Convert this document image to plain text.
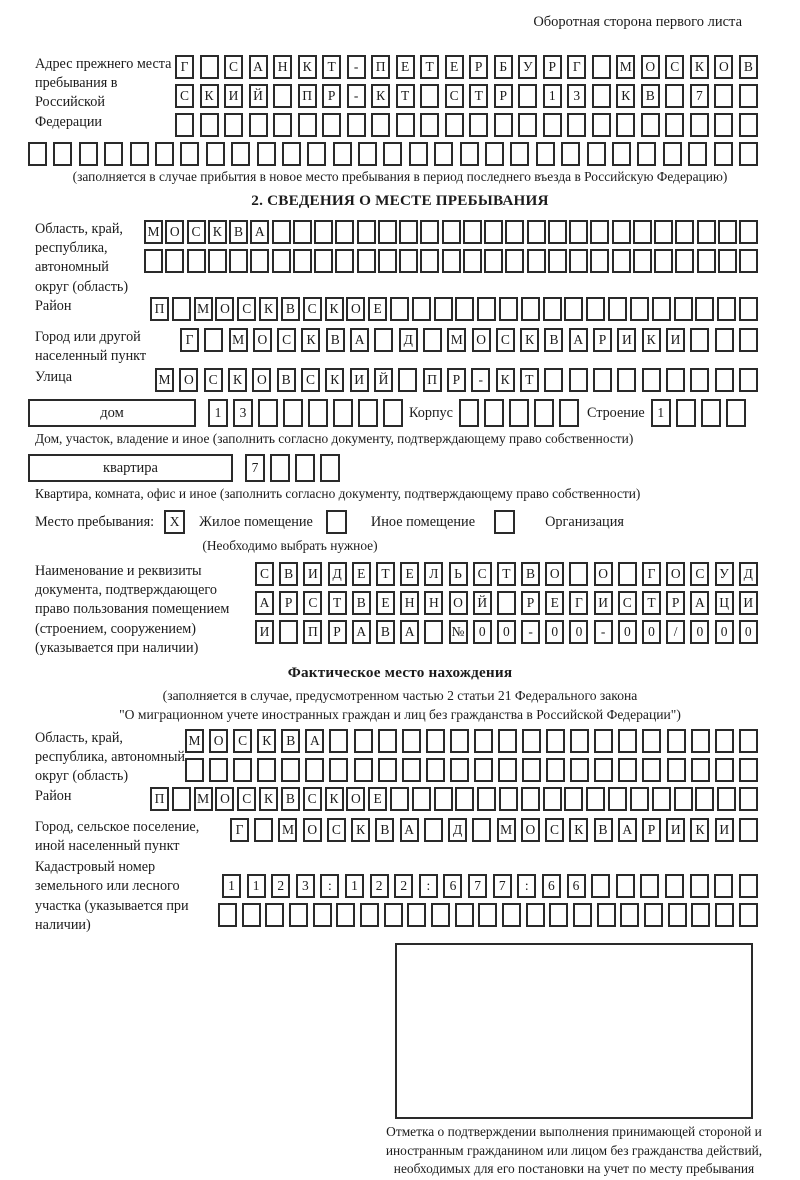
Оборотная сторона первого листа
Адрес прежнего места пребывания в Российской Федерации
Г	С	А	Н	К	Т	-	П	Е	Т	Е	Р	Б	У	Р	Г	М	О	С	К	О	В
С	К	И	Й	П	Р	-	К	Т	С	Т	Р	1	3	К	В	7
(заполняется в случае прибытия в новое место пребывания в период последнего въезда в Российскую Федерацию)
2. СВЕДЕНИЯ О МЕСТЕ ПРЕБЫВАНИЯ
Область, край, республика, автономный округ (область)
М О С К В А
Район	П	М О С К В С К О Е
Город или другой населенный пункт
Г	М О	С	К	В	А	Д	М О	С	К	В	А	Р	И	К	И
Улица	М О	С	К	О	В	С	К	И	Й	П	Р	-	К	Т
дом	1	3	Корпус	Строение 1
Дом, участок, владение и иное (заполнить согласно документу, подтверждающему право собственности)
квартира	7
Квартира, комната, офис и иное (заполнить согласно документу, подтверждающему право собственности)
Место пребывания:	X	Жилое помещение	Иное помещение	Организация
(Необходимо выбрать нужное)
Наименование и реквизиты документа, подтверждающего право пользования помещением (строением, сооружением) (указывается при наличии)
С	В	И	Д	Е	Т	Е	Л	Ь	С	Т	В	О	О	Г	О	С	У	Д
А	Р	С	Т	В	Е	Н	Н	О	Й	Р	Е	Г	И	С	Т	Р	А	Ц	И
И	П	Р	А	В	А	№	0	0	-	0	0	-	0	0	/	0	0	0
Фактическое место нахождения
(заполняется в случае, предусмотренном частью 2 статьи 21 Федерального закона
"О миграционном учете иностранных граждан и лиц без гражданства в Российской Федерации")
Область, край, республика, автономный округ (область)
М О	С	К	В	А
Район	П	М О С К В С К О Е
Город, сельское поселение, иной населенный пункт
Г	М О	С	К	В	А	Д	М О	С	К	В	А	Р	И	К	И
Кадастровый номер земельного или лесного участка (указывается при наличии)
1	1	2	3	:	1	2	2	:	6	7	7	:	6	6
Отметка о подтверждении выполнения принимающей стороной и иностранным гражданином или лицом без гражданства действий, необходимых для его постановки на учет по месту пребывания
